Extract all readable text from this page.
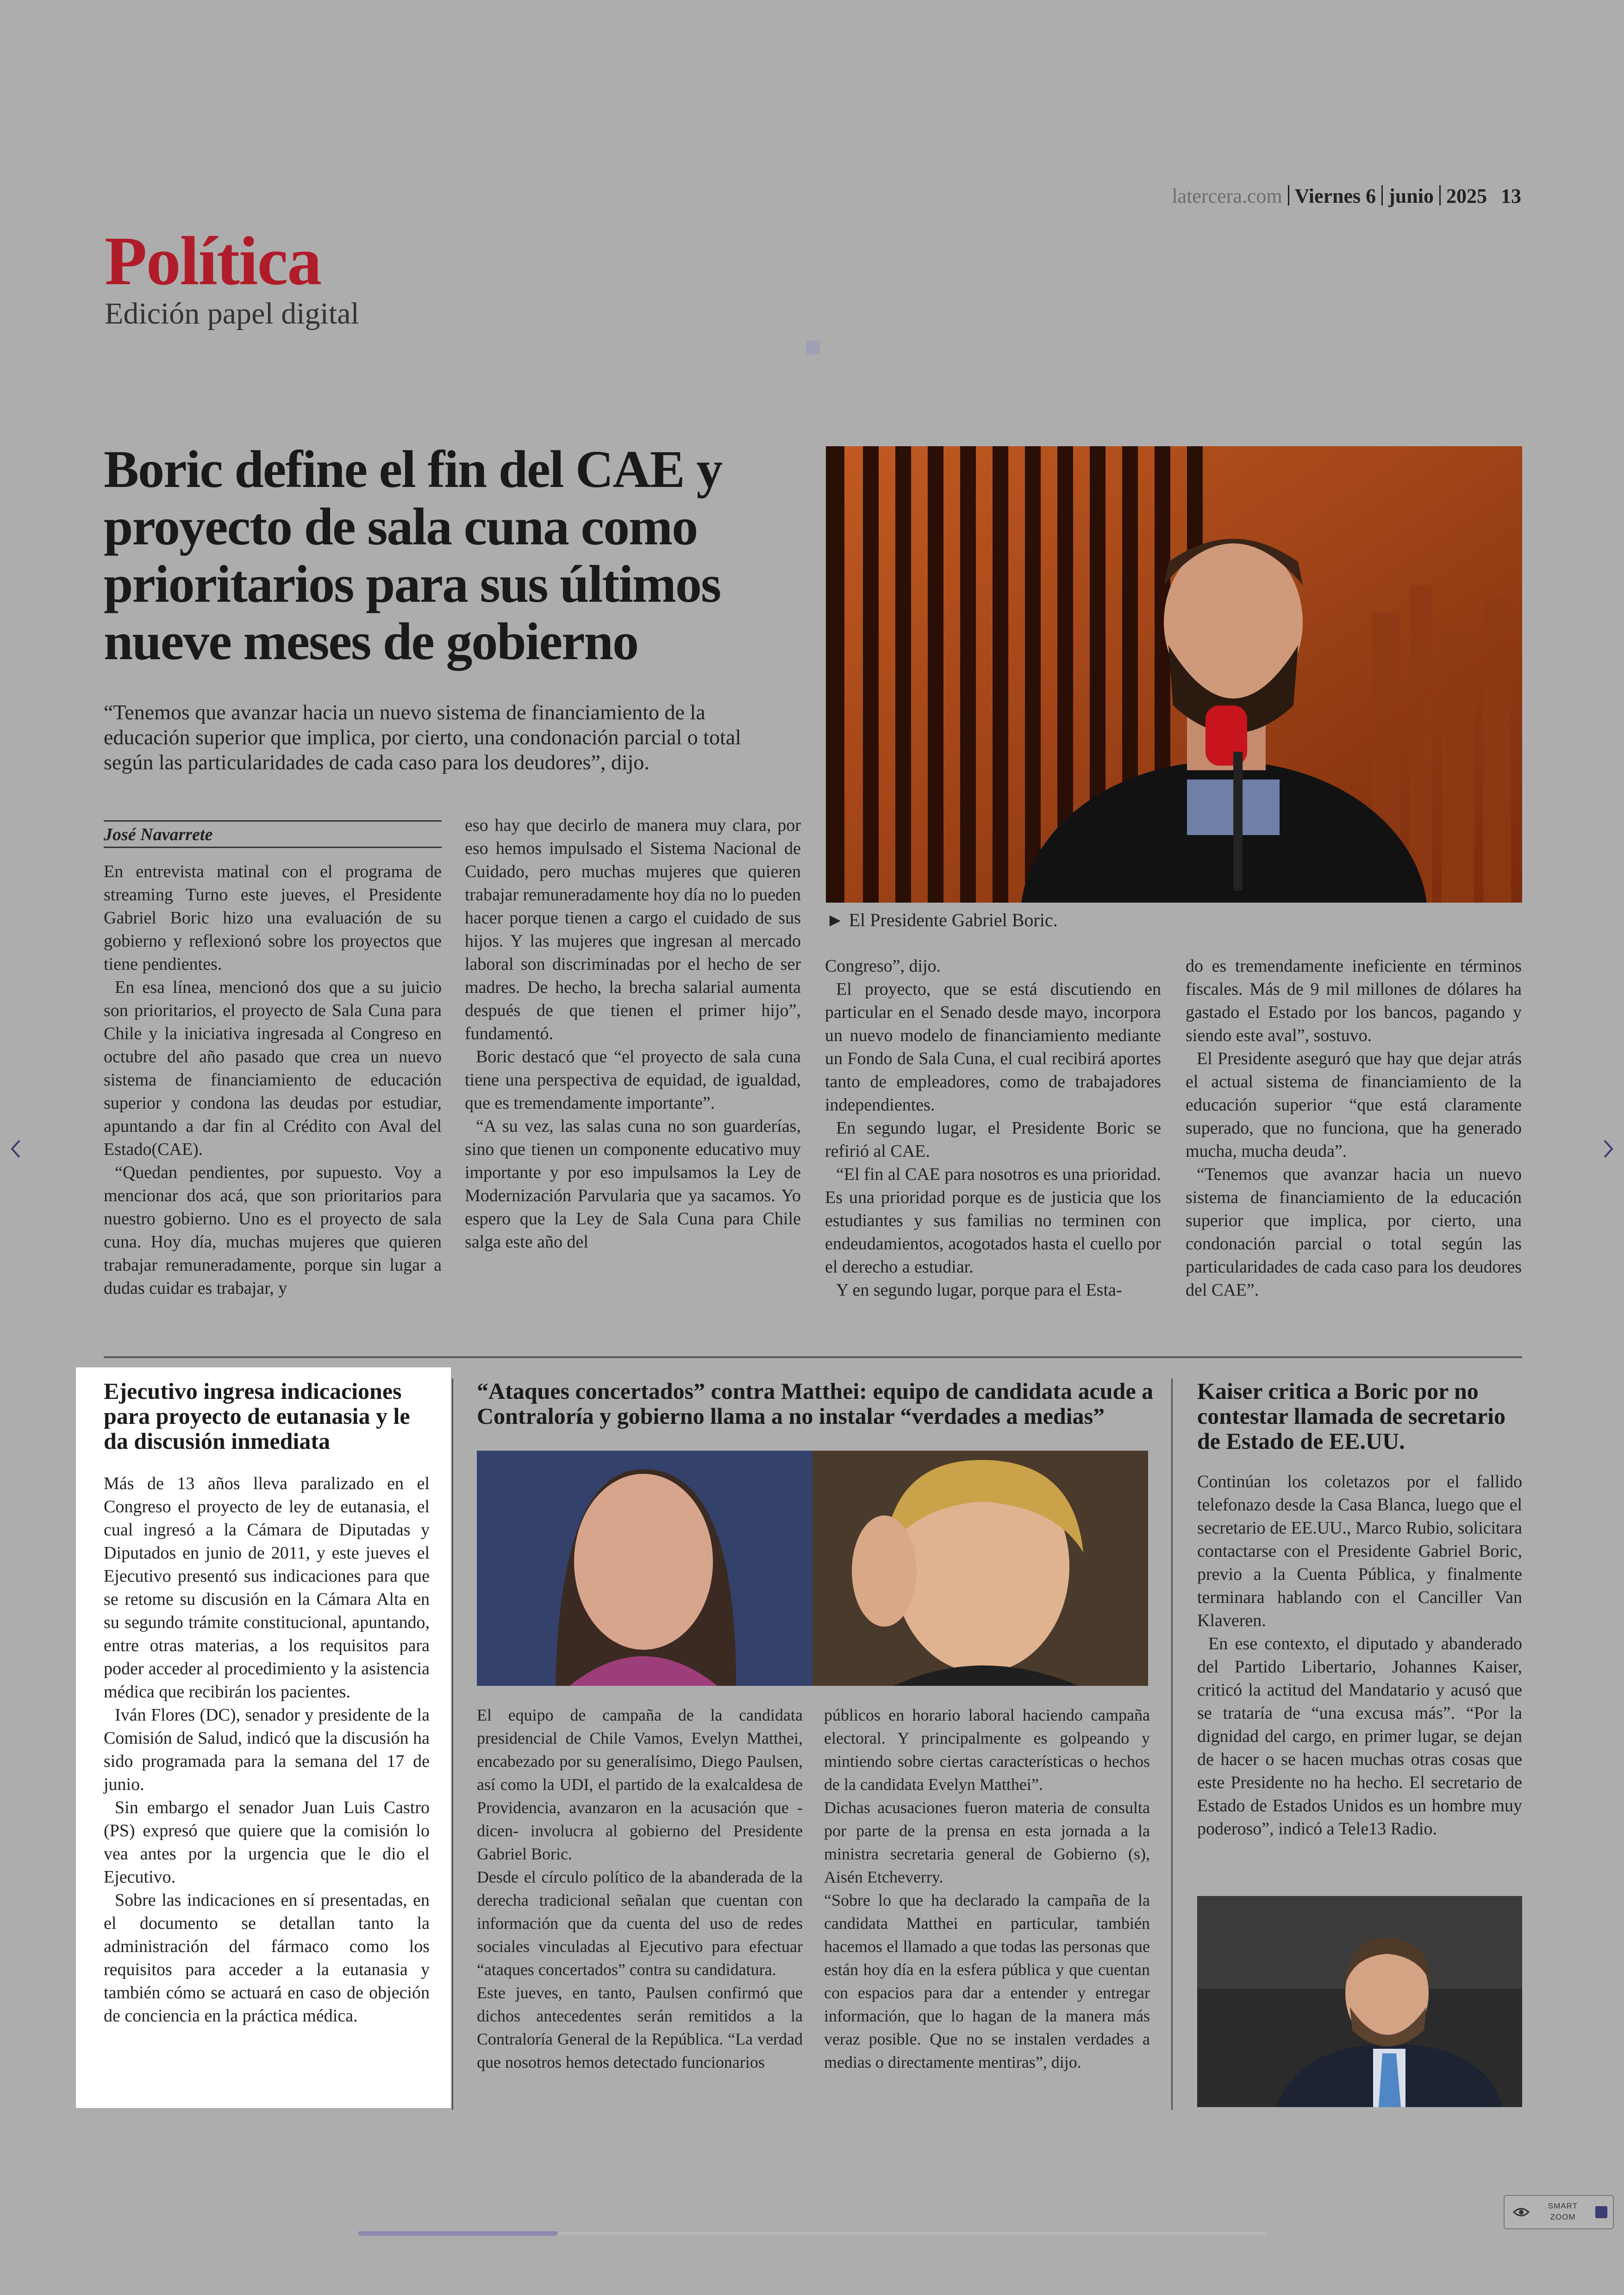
latercera.com Viernes 6 junio 2025 13
Política
Edición papel digital
Boric define el fin del CAE y proyecto de sala cuna como prioritarios para sus últimos nueve meses de gobierno

“Tenemos que avanzar hacia un nuevo sistema de financiamiento de la educación superior que implica, por cierto, una condonación parcial o total según las particularidades de cada caso para los deudores”, dijo.

José Navarrete

En entrevista matinal con el programa de streaming Turno este jueves, el Presidente Gabriel Boric hizo una evaluación de su gobierno y reflexionó sobre los proyectos que tiene pendientes.

En esa línea, mencionó dos que a su juicio son prioritarios, el proyecto de Sala Cuna para Chile y la iniciativa ingresada al Congreso en octubre del año pasado que crea un nuevo sistema de financiamiento de educación superior y condona las deudas por estudiar, apuntando a dar fin al Crédito con Aval del Estado(CAE).

“Quedan pendientes, por supuesto. Voy a mencionar dos acá, que son prioritarios para nuestro gobierno. Uno es el proyecto de sala cuna. Hoy día, muchas mujeres que quieren trabajar remuneradamente, porque sin lugar a dudas cuidar es trabajar, y

eso hay que decirlo de manera muy clara, por eso hemos impulsado el Sistema Nacional de Cuidado, pero muchas mujeres que quieren trabajar remuneradamente hoy día no lo pueden hacer porque tienen a cargo el cuidado de sus hijos. Y las mujeres que ingresan al mercado laboral son discriminadas por el hecho de ser madres. De hecho, la brecha salarial aumenta después de que tienen el primer hijo”, fundamentó.

Boric destacó que “el proyecto de sala cuna tiene una perspectiva de equidad, de igualdad, que es tremendamente importante”.

“A su vez, las salas cuna no son guarderías, sino que tienen un componente educativo muy importante y por eso impulsamos la Ley de Modernización Parvularia que ya sacamos. Yo espero que la Ley de Sala Cuna para Chile salga este año del

Congreso”, dijo.

El proyecto, que se está discutiendo en particular en el Senado desde mayo, incorpora un nuevo modelo de financiamiento mediante un Fondo de Sala Cuna, el cual recibirá aportes tanto de empleadores, como de trabajadores independientes.

En segundo lugar, el Presidente Boric se refirió al CAE.

“El fin al CAE para nosotros es una prioridad. Es una prioridad porque es de justicia que los estudiantes y sus familias no terminen con endeudamientos, acogotados hasta el cuello por el derecho a estudiar.

Y en segundo lugar, porque para el Esta-

do es tremendamente ineficiente en términos fiscales. Más de 9 mil millones de dólares ha gastado el Estado por los bancos, pagando y siendo este aval”, sostuvo.

El Presidente aseguró que hay que dejar atrás el actual sistema de financiamiento de la educación superior “que está claramente superado, que no funciona, que ha generado mucha, mucha deuda”.

“Tenemos que avanzar hacia un nuevo sistema de financiamiento de la educación superior que implica, por cierto, una condonación parcial o total según las particularidades de cada caso para los deudores del CAE”.

► El Presidente Gabriel Boric.
Ejecutivo ingresa indicaciones para proyecto de eutanasia y le da discusión inmediata

Más de 13 años lleva paralizado en el Congreso el proyecto de ley de eutanasia, el cual ingresó a la Cámara de Diputadas y Diputados en junio de 2011, y este jueves el Ejecutivo presentó sus indicaciones para que se retome su discusión en la Cámara Alta en su segundo trámite constitucional, apuntando, entre otras materias, a los requisitos para poder acceder al procedimiento y la asistencia médica que recibirán los pacientes.

Iván Flores (DC), senador y presidente de la Comisión de Salud, indicó que la discusión ha sido programada para la semana del 17 de junio.

Sin embargo el senador Juan Luis Castro (PS) expresó que quiere que la comisión lo vea antes por la urgencia que le dio el Ejecutivo.

Sobre las indicaciones en sí presentadas, en el documento se detallan tanto la administración del fármaco como los requisitos para acceder a la eutanasia y también cómo se actuará en caso de objeción de conciencia en la práctica médica.

“Ataques concertados” contra Matthei: equipo de candidata acude a Contraloría y gobierno llama a no instalar “verdades a medias”

El equipo de campaña de la candidata presidencial de Chile Vamos, Evelyn Matthei, encabezado por su generalísimo, Diego Paulsen, así como la UDI, el partido de la exalcaldesa de Providencia, avanzaron en la acusación que -dicen- involucra al gobierno del Presidente Gabriel Boric.

Desde el círculo político de la abanderada de la derecha tradicional señalan que cuentan con información que da cuenta del uso de redes sociales vinculadas al Ejecutivo para efectuar “ataques concertados” contra su candidatura.

Este jueves, en tanto, Paulsen confirmó que dichos antecedentes serán remitidos a la Contraloría General de la República. “La verdad que nosotros hemos detectado funcionarios

públicos en horario laboral haciendo campaña electoral. Y principalmente es golpeando y mintiendo sobre ciertas características o hechos de la candidata Evelyn Matthei”.

Dichas acusaciones fueron materia de consulta por parte de la prensa en esta jornada a la ministra secretaria general de Gobierno (s), Aisén Etcheverry.

“Sobre lo que ha declarado la campaña de la candidata Matthei en particular, también hacemos el llamado a que todas las personas que están hoy día en la esfera pública y que cuentan con espacios para dar a entender y entregar información, que lo hagan de la manera más veraz posible. Que no se instalen verdades a medias o directamente mentiras”, dijo.

Kaiser critica a Boric por no contestar llamada de secretario de Estado de EE.UU.

Continúan los coletazos por el fallido telefonazo desde la Casa Blanca, luego que el secretario de EE.UU., Marco Rubio, solicitara contactarse con el Presidente Gabriel Boric, previo a la Cuenta Pública, y finalmente terminara hablando con el Canciller Van Klaveren.

En ese contexto, el diputado y abanderado del Partido Libertario, Johannes Kaiser, criticó la actitud del Mandatario y acusó que se trataría de “una excusa más”. “Por la dignidad del cargo, en primer lugar, se dejan de hacer o se hacen muchas otras cosas que este Presidente no ha hecho. El secretario de Estado de Estados Unidos es un hombre muy poderoso”, indicó a Tele13 Radio.

SMART
ZOOM
